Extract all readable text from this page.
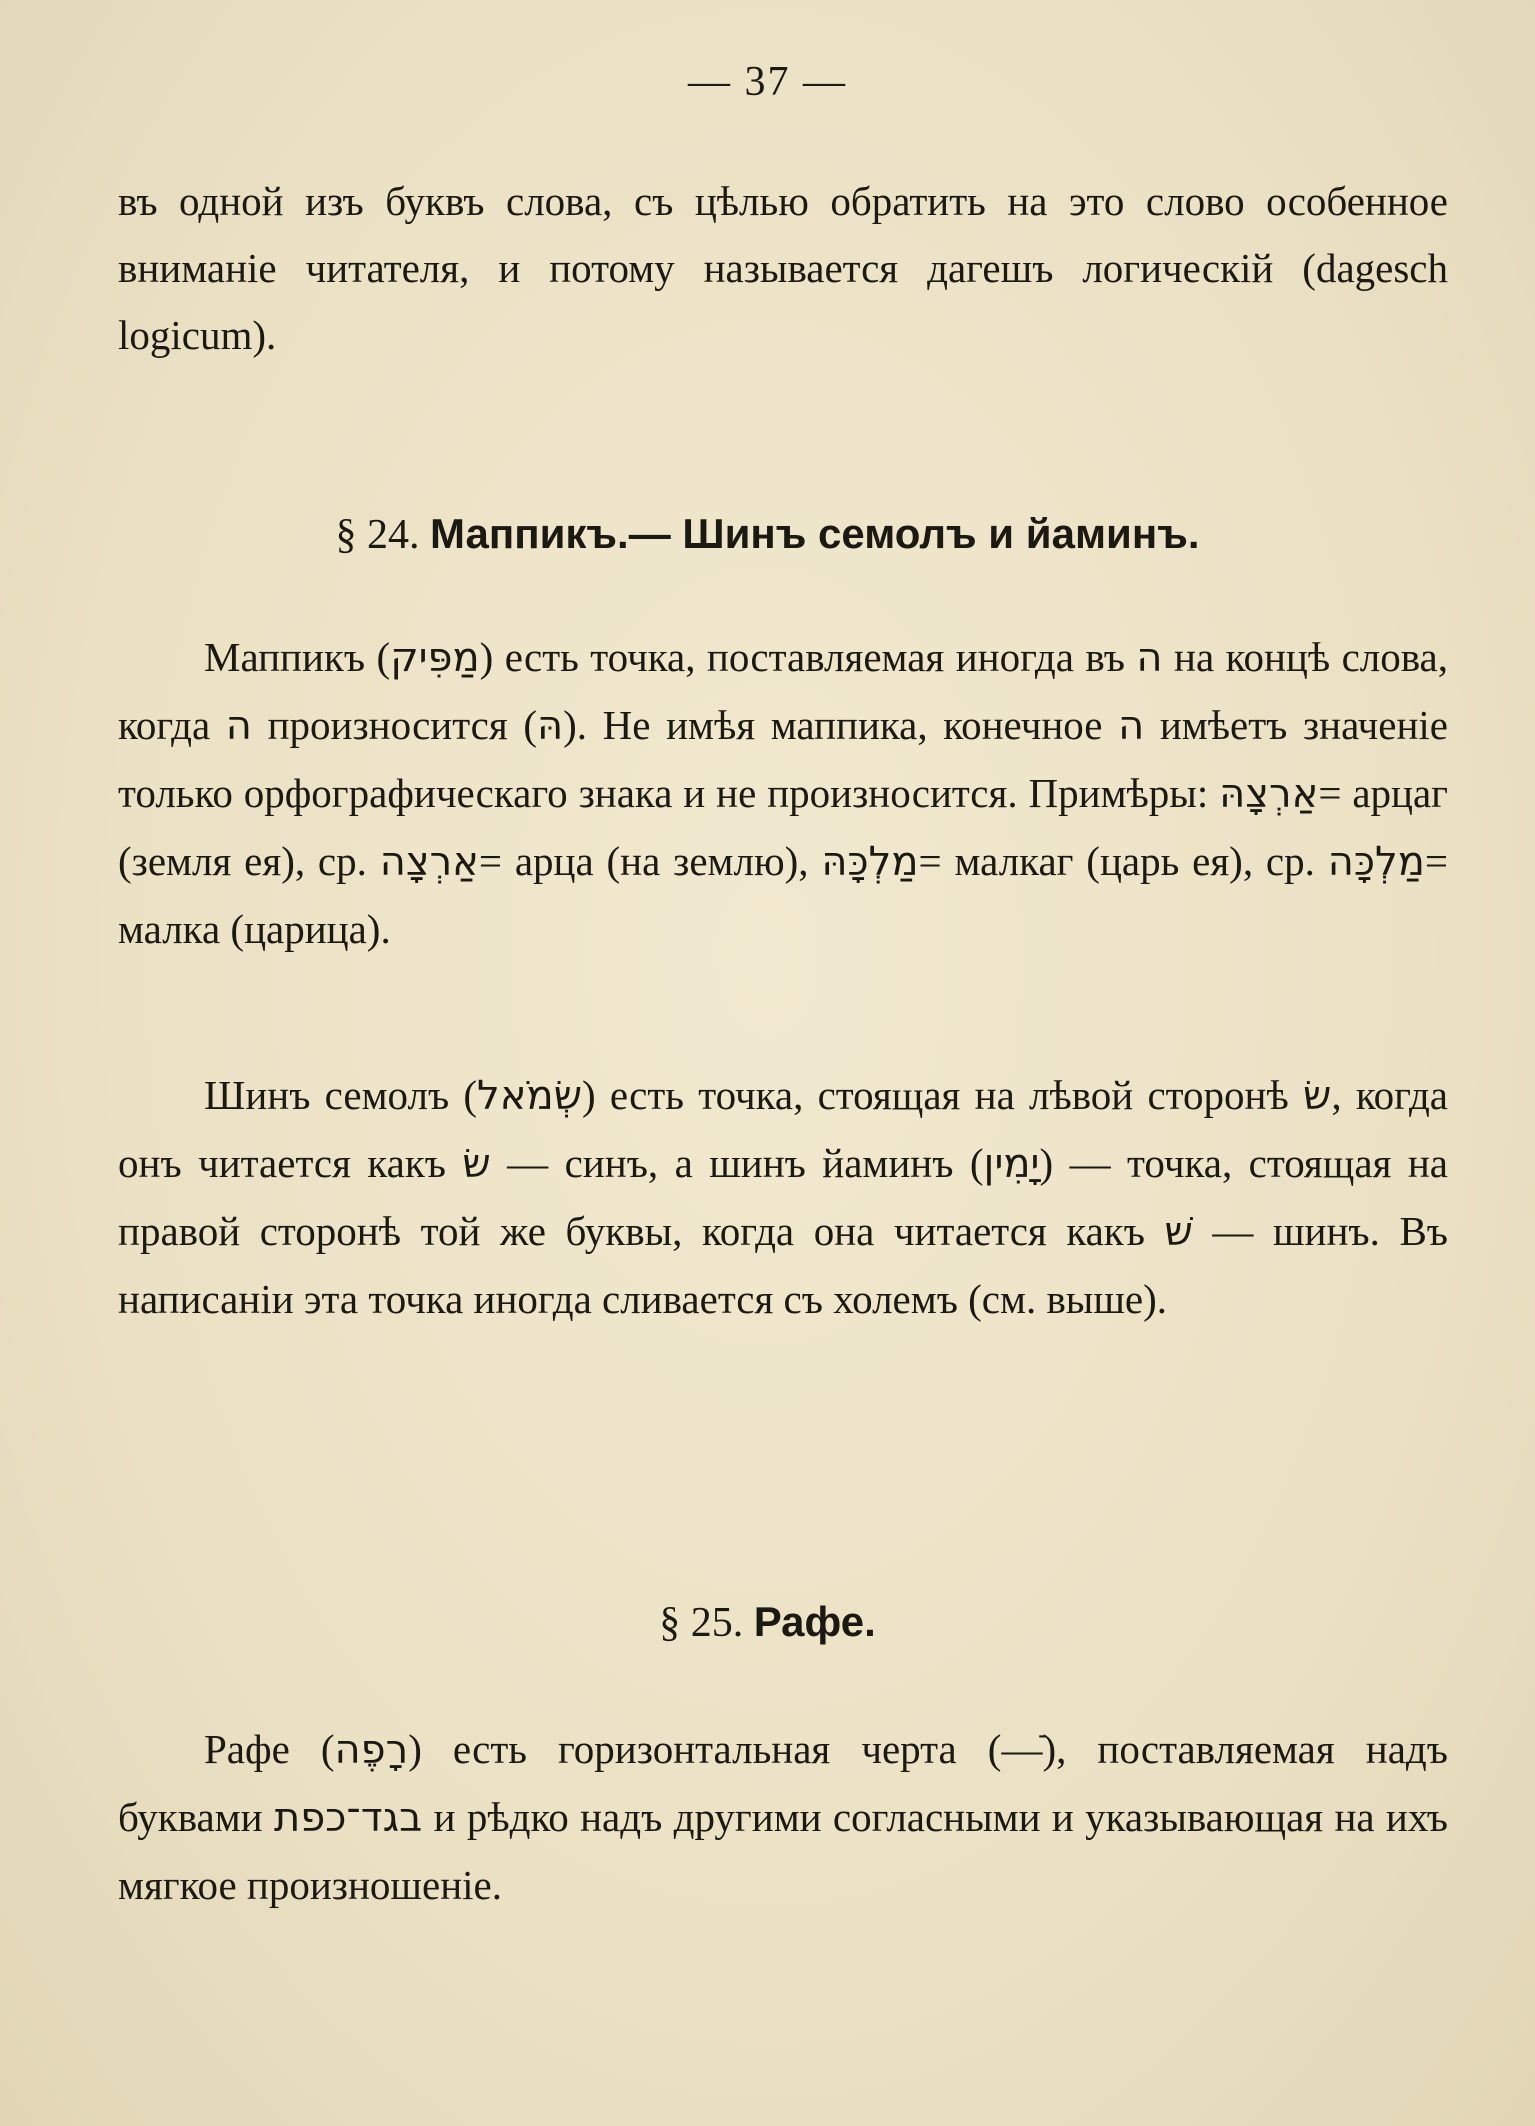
— 37 —
въ одной изъ буквъ слова, съ цѣлью обратить на это слово особенное вниманіе читателя, и потому называется дагешъ логическій (dagesch logicum).
§ 24. Маппикъ.— Шинъ семолъ и йаминъ.
Маппикъ (מַפִּיק) есть точка, поставляемая иногда въ ה на концѣ слова, когда ה произносится (הּ). Не имѣя маппика, конечное ה имѣетъ значеніе только орфографическаго знака и не произносится. Примѣры: אַרְצָהּ= арцаг (земля ея), ср. אַרְצָה= арца (на землю), מַלְכָּהּ= малкаг (царь ея), ср. מַלְכָּה= малка (царица).
Шинъ семолъ (שְׂמֹאל) есть точка, стоящая на лѣвой сторонѣ שׂ, когда онъ читается какъ שׂ — синъ, а шинъ йаминъ (יָמִין) — точка, стоящая на правой сторонѣ той же буквы, когда она читается какъ שׁ — шинъ. Въ написаніи эта точка иногда сливается съ холемъ (см. выше).
§ 25. Рафе.
Рафе (רָפֶה) есть горизонтальная черта (—ֿ), поставляемая надъ буквами בגד־כפת и рѣдко надъ другими согласными и указывающая на ихъ мягкое произношеніе.
